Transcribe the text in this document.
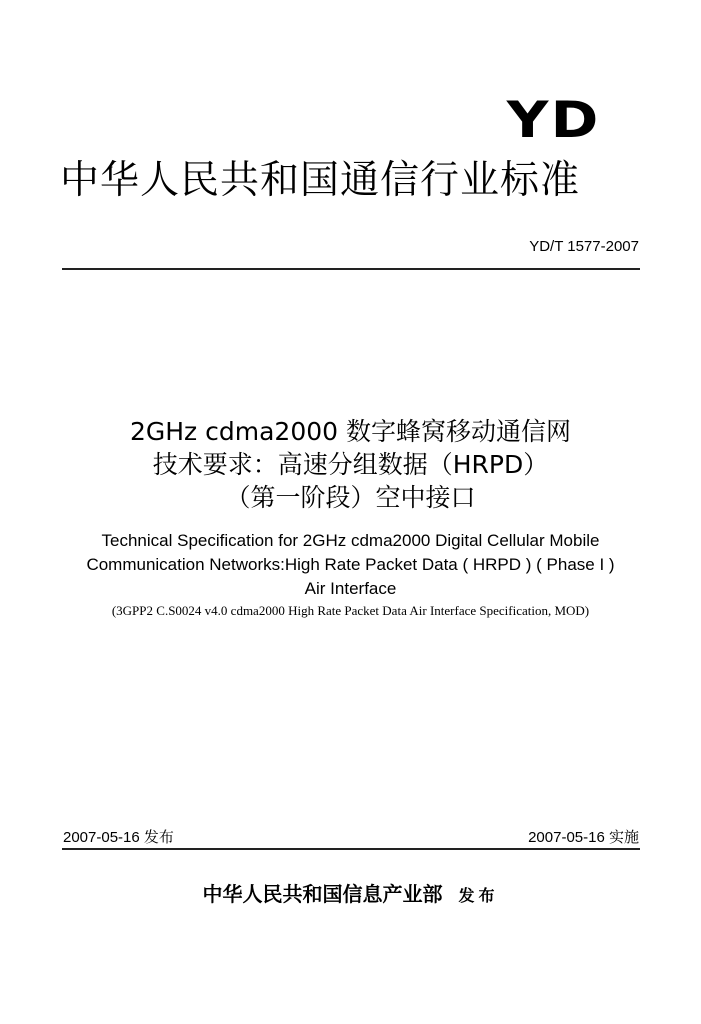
YD
中华人民共和国通信行业标准
YD/T 1577-2007
2GHz cdma2000 数字蜂窝移动通信网
技术要求：高速分组数据（HRPD）
（第一阶段）空中接口
Technical Specification for 2GHz cdma2000 Digital Cellular Mobile
Communication Networks:High Rate Packet Data ( HRPD ) ( Phase I )
Air Interface
(3GPP2 C.S0024 v4.0 cdma2000 High Rate Packet Data Air Interface Specification, MOD)
2007-05-16 发布	2007-05-16 实施
中华人民共和国信息产业部 发布
